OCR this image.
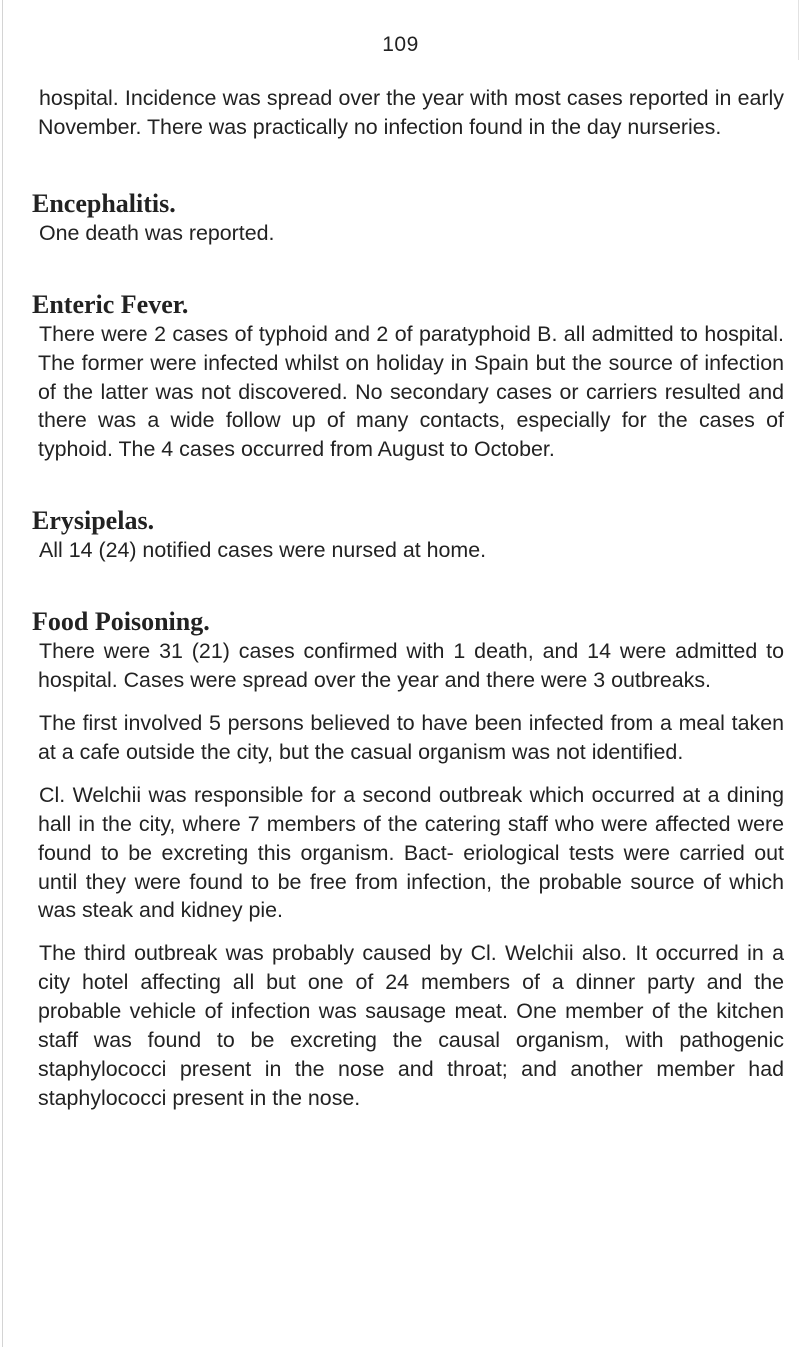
109

hospital. Incidence was spread over the year with most cases reported in early November. There was practically no infection found in the day nurseries.

Encephalitis.

One death was reported.

Enteric Fever.

There were 2 cases of typhoid and 2 of paratyphoid B. all admitted to hospital. The former were infected whilst on holiday in Spain but the source of infection of the latter was not discovered. No secondary cases or carriers resulted and there was a wide follow up of many contacts, especially for the cases of typhoid. The 4 cases occurred from August to October.

Erysipelas.

All 14 (24) notified cases were nursed at home.

Food Poisoning.

There were 31 (21) cases confirmed with 1 death, and 14 were admitted to hospital. Cases were spread over the year and there were 3 outbreaks.

The first involved 5 persons believed to have been infected from a meal taken at a cafe outside the city, but the casual organism was not identified.

Cl. Welchii was responsible for a second outbreak which occurred at a dining hall in the city, where 7 members of the catering staff who were affected were found to be excreting this organism. Bact- eriological tests were carried out until they were found to be free from infection, the probable source of which was steak and kidney pie.

The third outbreak was probably caused by Cl. Welchii also. It occurred in a city hotel affecting all but one of 24 members of a dinner party and the probable vehicle of infection was sausage meat. One member of the kitchen staff was found to be excreting the causal organism, with pathogenic staphylococci present in the nose and throat; and another member had staphylococci present in the nose.
